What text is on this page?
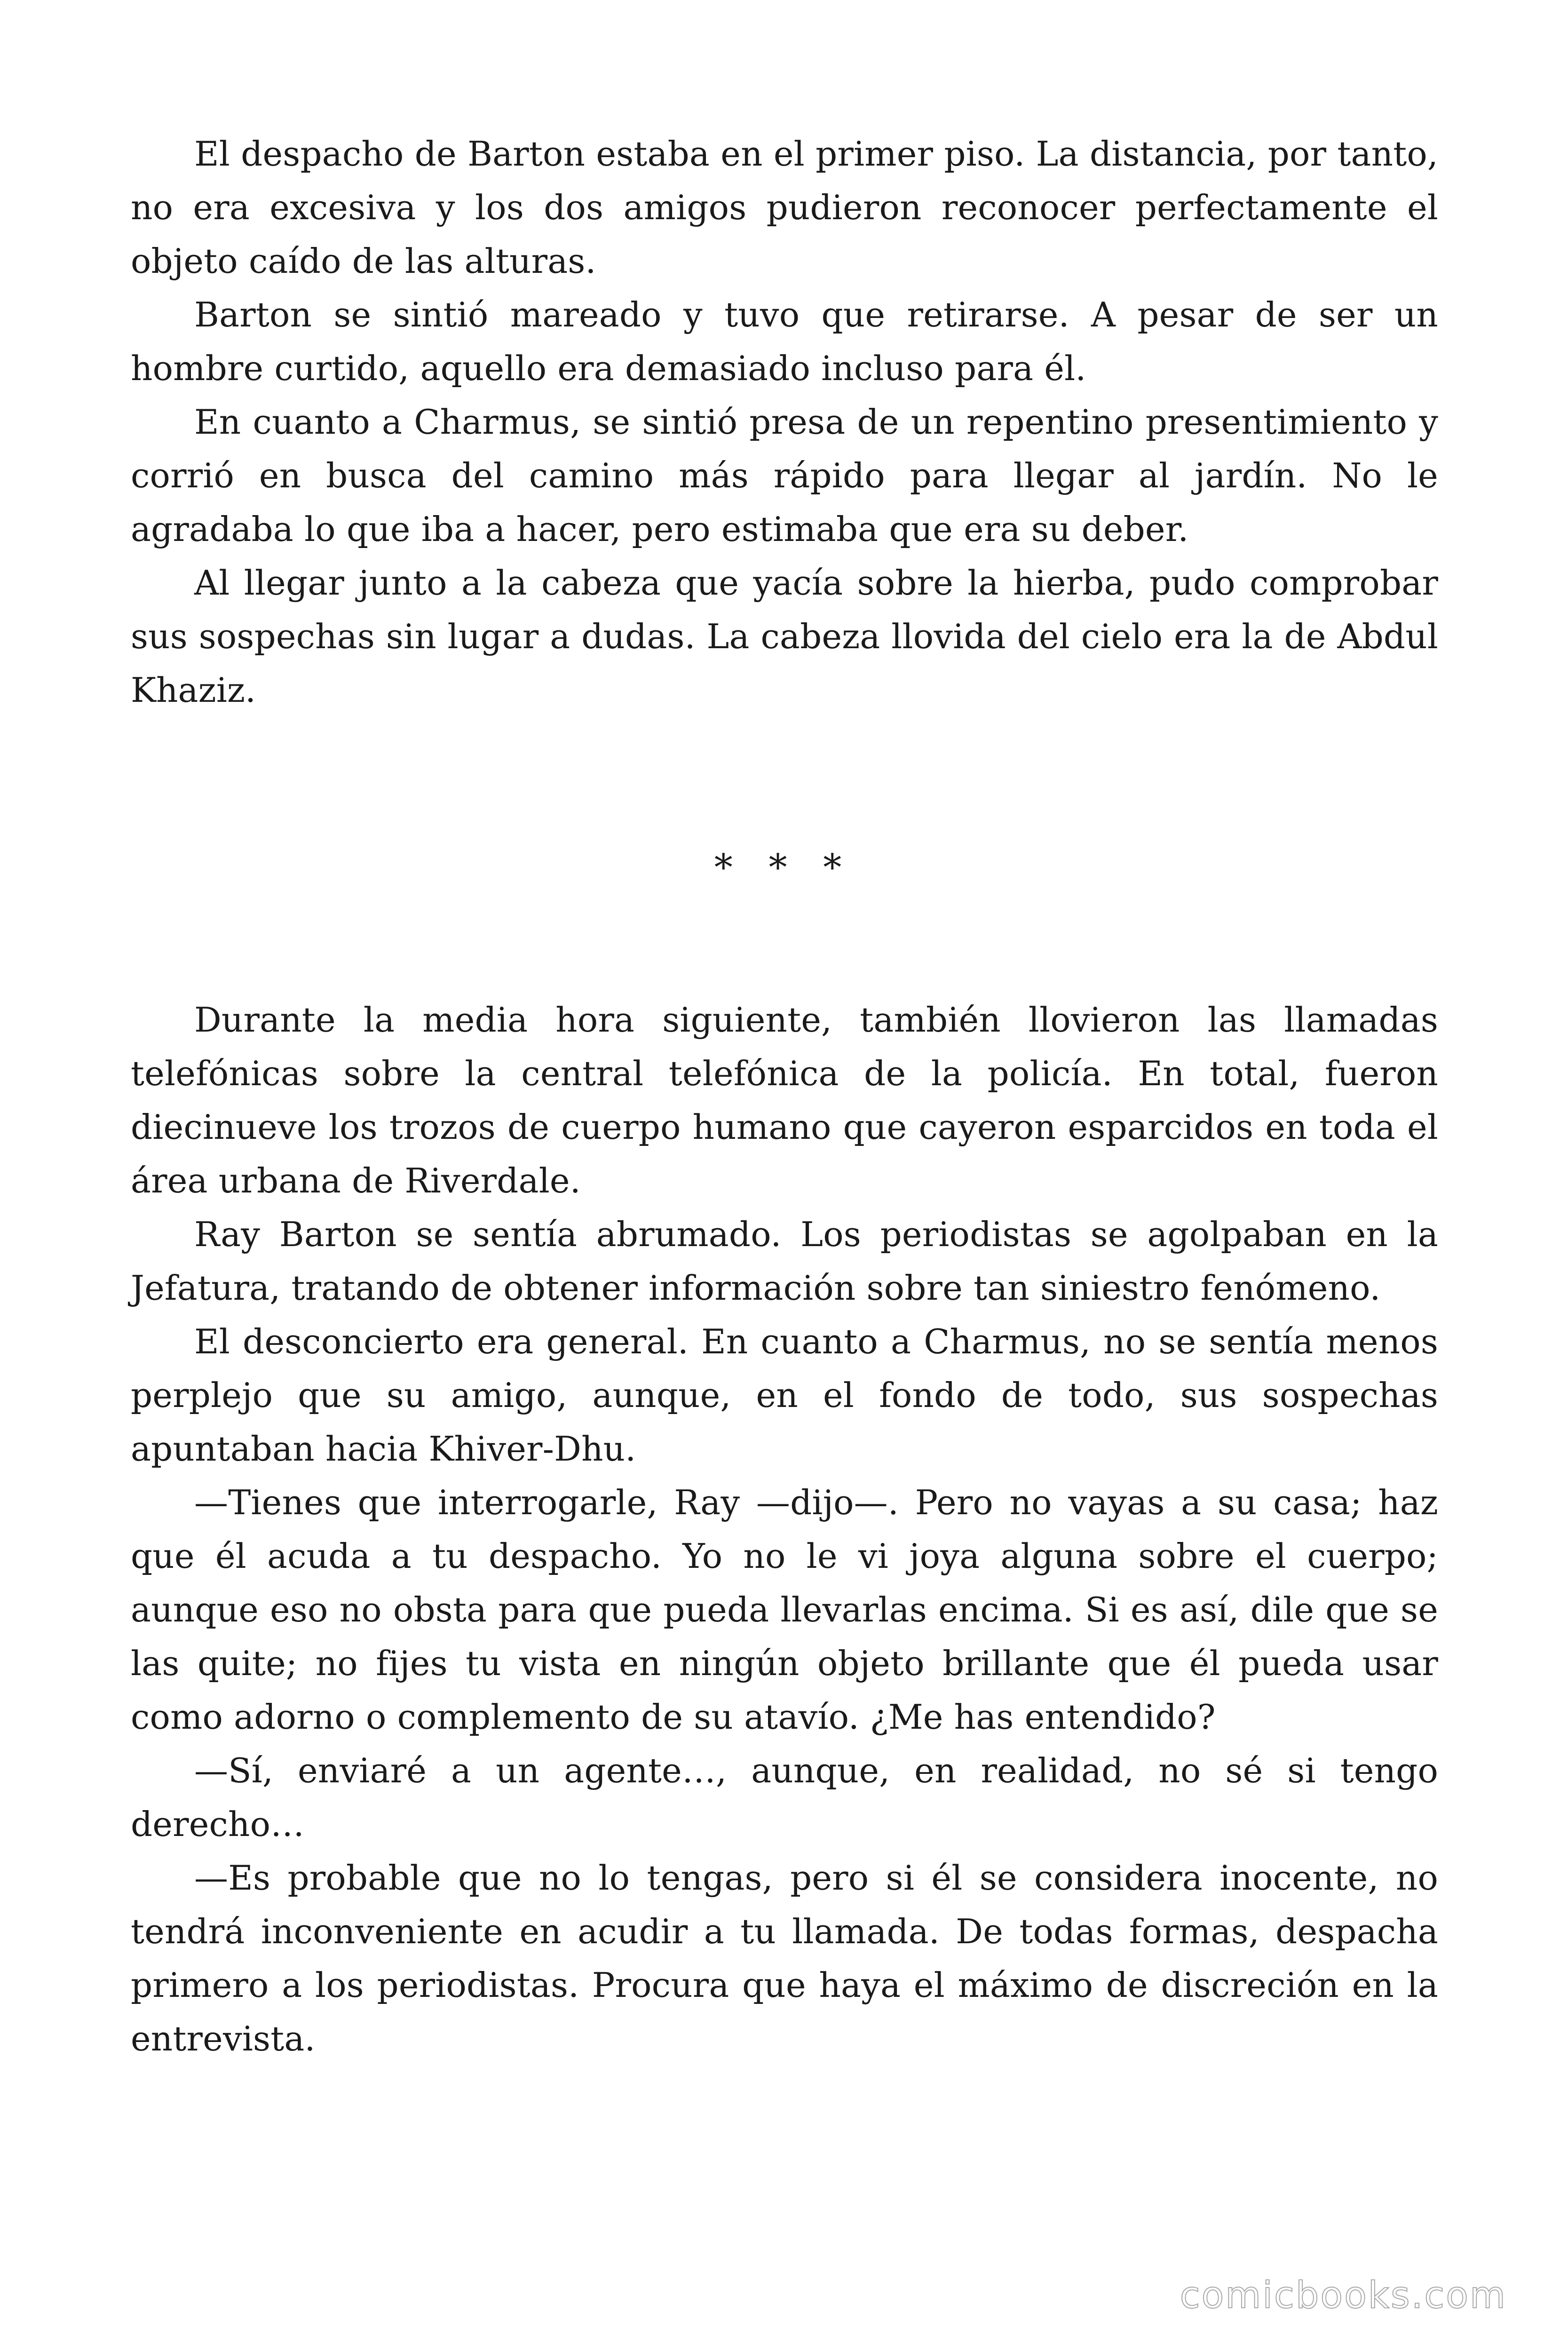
El despacho de Barton estaba en el primer piso. La distancia, por tanto, no era excesiva y los dos amigos pudieron reconocer perfectamente el objeto caído de las alturas.

Barton se sintió mareado y tuvo que retirarse. A pesar de ser un hombre curtido, aquello era demasiado incluso para él.

En cuanto a Charmus, se sintió presa de un repentino presentimiento y corrió en busca del camino más rápido para llegar al jardín. No le agradaba lo que iba a hacer, pero estimaba que era su deber.

Al llegar junto a la cabeza que yacía sobre la hierba, pudo comprobar sus sospechas sin lugar a dudas. La cabeza llovida del cielo era la de Abdul Khaziz.

* * *

Durante la media hora siguiente, también llovieron las llamadas telefónicas sobre la central telefónica de la policía. En total, fueron diecinueve los trozos de cuerpo humano que cayeron esparcidos en toda el área urbana de Riverdale.

Ray Barton se sentía abrumado. Los periodistas se agolpaban en la Jefatura, tratando de obtener información sobre tan siniestro fenómeno.

El desconcierto era general. En cuanto a Charmus, no se sentía menos perplejo que su amigo, aunque, en el fondo de todo, sus sospechas apuntaban hacia Khiver-Dhu.

—Tienes que interrogarle, Ray —dijo—. Pero no vayas a su casa; haz que él acuda a tu despacho. Yo no le vi joya alguna sobre el cuerpo; aunque eso no obsta para que pueda llevarlas encima. Si es así, dile que se las quite; no fijes tu vista en ningún objeto brillante que él pueda usar como adorno o complemento de su atavío. ¿Me has entendido?

—Sí, enviaré a un agente…, aunque, en realidad, no sé si tengo derecho…

—Es probable que no lo tengas, pero si él se considera inocente, no tendrá inconveniente en acudir a tu llamada. De todas formas, despacha primero a los periodistas. Procura que haya el máximo de discreción en la entrevista.

comicbooks.com
